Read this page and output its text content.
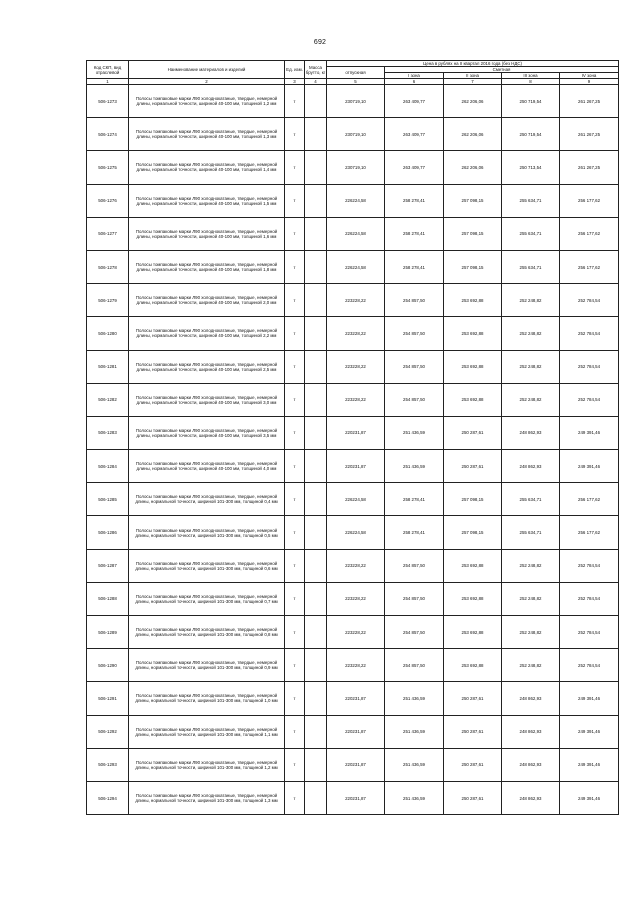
692
Код СКП, вид отраслевой	Наименование материалов и изделий	Ед. изм.	Масса брутто, кг	Цена в рублях на II квартал 2016 года (без НДС)				
				отпускная	Сметная			
					I зона	II зона	III зона	IV зона
1	2	3	4	5	6	7	8	9
506-1273	Полосы томпаковые марки Л90 холоднокатаные, твердые, немерной длины, нормальной точности, шириной 40-100 мм, толщиной 1,2 мм	т		230719,10	263 409,77	262 206,06	250 719,54	261 267,25
506-1274	Полосы томпаковые марки Л90 холоднокатаные, твердые, немерной длины, нормальной точности, шириной 40-100 мм, толщиной 1,3 мм	т		230719,10	263 409,77	262 206,06	250 719,54	261 267,25
506-1275	Полосы томпаковые марки Л90 холоднокатаные, твердые, немерной длины, нормальной точности, шириной 40-100 мм, толщиной 1,4 мм	т		230719,10	263 409,77	262 206,06	250 713,54	261 267,25
506-1276	Полосы томпаковые марки Л90 холоднокатаные, твердые, немерной длины, нормальной точности, шириной 40-100 мм, толщиной 1,5 мм	т		226224,58	258 278,41	257 098,15	255 634,71	256 177,62
506-1277	Полосы томпаковые марки Л90 холоднокатаные, твердые, немерной длины, нормальной точности, шириной 40-100 мм, толщиной 1,6 мм	т		226224,58	258 278,41	257 098,15	255 634,71	256 177,62
506-1278	Полосы томпаковые марки Л90 холоднокатаные, твердые, немерной длины, нормальной точности, шириной 40-100 мм, толщиной 1,8 мм	т		226224,58	258 278,41	257 098,15	255 634,71	256 177,62
506-1279	Полосы томпаковые марки Л90 холоднокатаные, твердые, немерной длины, нормальной точности, шириной 40-100 мм, толщиной 2,0 мм	т		223228,22	254 857,50	253 692,88	252 248,82	252 784,54
506-1280	Полосы томпаковые марки Л90 холоднокатаные, твердые, немерной длины, нормальной точности, шириной 40-100 мм, толщиной 2,2 мм	т		223228,22	254 857,50	253 692,88	252 248,82	252 784,54
506-1281	Полосы томпаковые марки Л90 холоднокатаные, твердые, немерной длины, нормальной точности, шириной 40-100 мм, толщиной 2,5 мм	т		223228,22	254 857,50	253 692,88	252 248,82	252 784,54
506-1282	Полосы томпаковые марки Л90 холоднокатаные, твердые, немерной длины, нормальной точности, шириной 40-100 мм, толщиной 3,0 мм	т		223228,22	254 857,50	253 692,88	252 248,82	252 784,54
506-1283	Полосы томпаковые марки Л90 холоднокатаные, твердые, немерной длины, нормальной точности, шириной 40-100 мм, толщиной 3,5 мм	т		220231,87	251 436,59	250 287,61	248 862,93	249 391,46
506-1284	Полосы томпаковые марки Л90 холоднокатаные, твердые, немерной длины, нормальной точности, шириной 40-100 мм, толщиной 4,0 мм	т		220231,87	251 436,59	250 287,61	248 862,93	249 391,46
506-1285	Полосы томпаковые марки Л90 холоднокатаные, твердые, немерной длины, нормальной точности, шириной 101-300 мм, толщиной 0,4 мм	т		226224,58	258 278,41	257 098,15	255 634,71	256 177,62
506-1286	Полосы томпаковые марки Л90 холоднокатаные, твердые, немерной длины, нормальной точности, шириной 101-300 мм, толщиной 0,5 мм	т		226224,58	258 278,41	257 098,15	255 634,71	256 177,62
506-1287	Полосы томпаковые марки Л90 холоднокатаные, твердые, немерной длины, нормальной точности, шириной 101-300 мм, толщиной 0,6 мм	т		223228,22	254 857,50	253 692,88	252 248,82	252 784,54
506-1288	Полосы томпаковые марки Л90 холоднокатаные, твердые, немерной длины, нормальной точности, шириной 101-300 мм, толщиной 0,7 мм	т		223228,22	254 857,50	253 692,88	252 248,82	252 784,54
506-1289	Полосы томпаковые марки Л90 холоднокатаные, твердые, немерной длины, нормальной точности, шириной 101-300 мм, толщиной 0,8 мм	т		223228,22	254 857,50	253 692,88	252 248,82	252 784,54
506-1290	Полосы томпаковые марки Л90 холоднокатаные, твердые, немерной длины, нормальной точности, шириной 101-300 мм, толщиной 0,9 мм	т		223228,22	254 857,50	253 692,88	252 248,82	252 784,54
506-1291	Полосы томпаковые марки Л90 холоднокатаные, твердые, немерной длины, нормальной точности, шириной 101-300 мм, толщиной 1,0 мм	т		220231,87	251 436,59	250 287,61	248 862,93	249 391,46
506-1292	Полосы томпаковые марки Л90 холоднокатаные, твердые, немерной длины, нормальной точности, шириной 101-300 мм, толщиной 1,1 мм	т		220231,87	251 436,59	250 287,61	248 862,93	249 391,46
506-1293	Полосы томпаковые марки Л90 холоднокатаные, твердые, немерной длины, нормальной точности, шириной 101-300 мм, толщиной 1,2 мм	т		220231,87	251 436,59	250 287,61	248 862,93	249 391,46
506-1294	Полосы томпаковые марки Л90 холоднокатаные, твердые, немерной длины, нормальной точности, шириной 101-300 мм, толщиной 1,3 мм	т		220231,87	251 436,59	250 287,61	248 862,93	249 391,46
